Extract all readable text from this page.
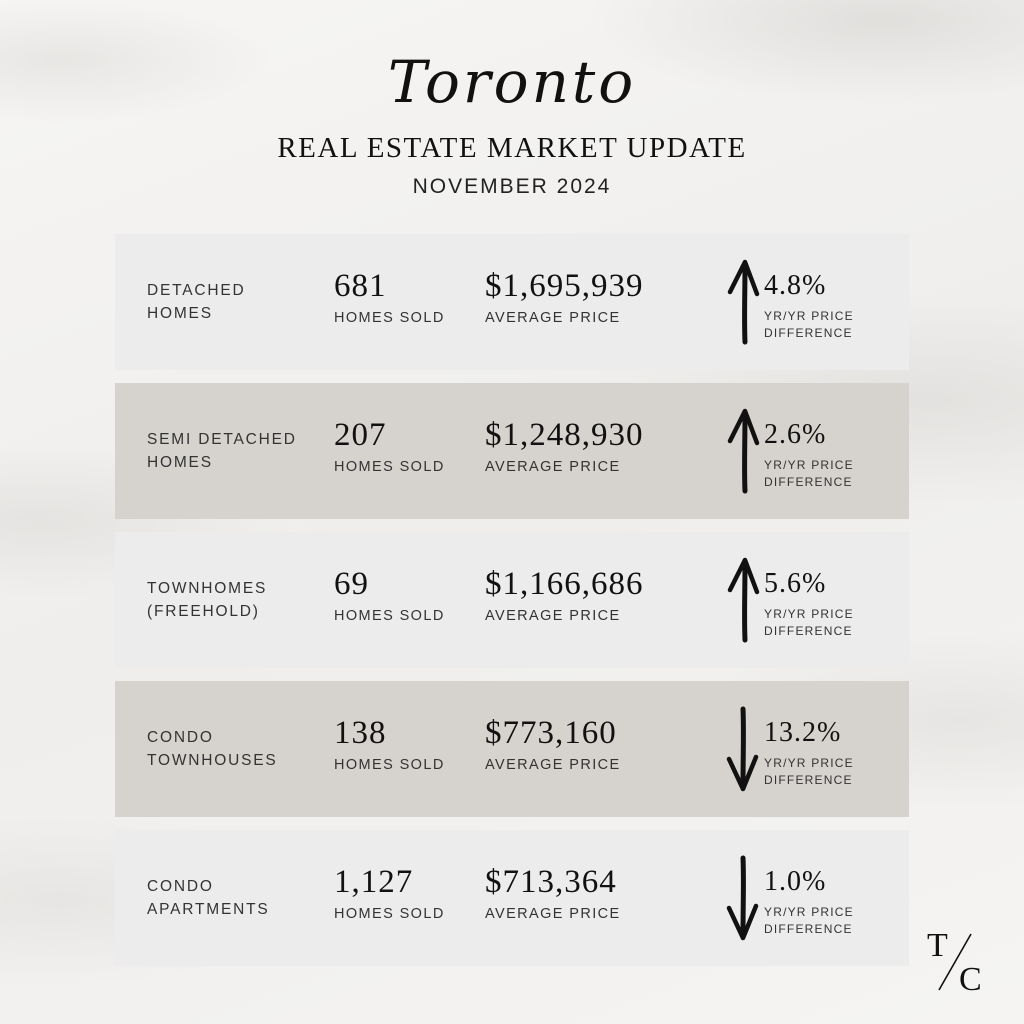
Toronto
REAL ESTATE MARKET UPDATE
NOVEMBER 2024
DETACHED
HOMES
681
HOMES SOLD
$1,695,939
AVERAGE PRICE
4.8%
YR/YR PRICE
DIFFERENCE
SEMI DETACHED
HOMES
207
HOMES SOLD
$1,248,930
AVERAGE PRICE
2.6%
YR/YR PRICE
DIFFERENCE
TOWNHOMES
(FREEHOLD)
69
HOMES SOLD
$1,166,686
AVERAGE PRICE
5.6%
YR/YR PRICE
DIFFERENCE
CONDO
TOWNHOUSES
138
HOMES SOLD
$773,160
AVERAGE PRICE
13.2%
YR/YR PRICE
DIFFERENCE
CONDO
APARTMENTS
1,127
HOMES SOLD
$713,364
AVERAGE PRICE
1.0%
YR/YR PRICE
DIFFERENCE	T
C
